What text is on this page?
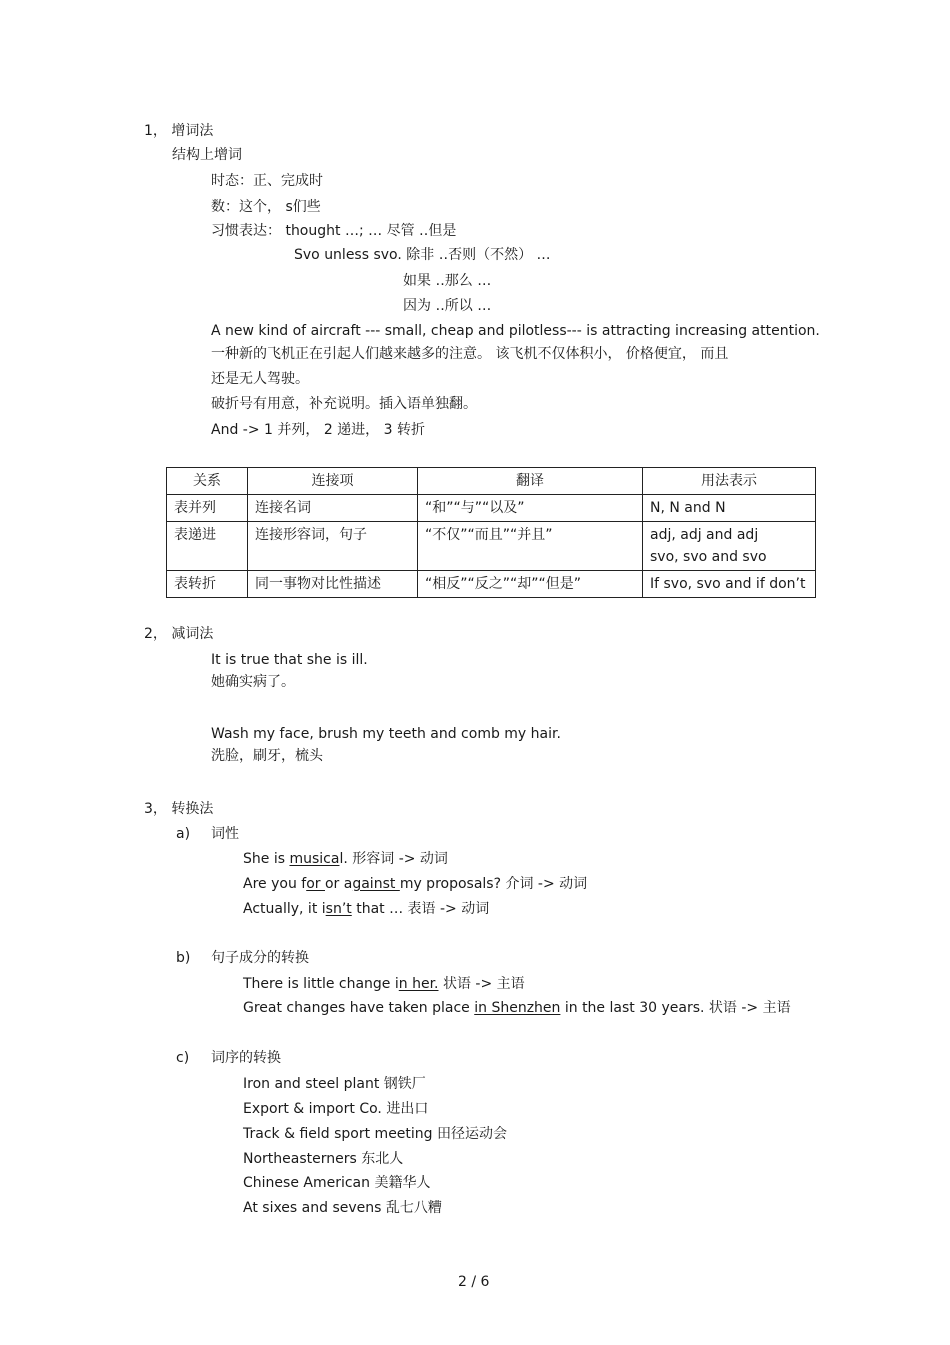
1， 增词法
结构上增词
时态：正、完成时
数：这个， s们些
习惯表达： thought …; … 尽管 ‥但是
Svo unless svo. 除非 ‥否则（不然） …
如果 ‥那么 …
因为 ‥所以 …
A new kind of aircraft --- small, cheap and pilotless--- is attracting increasing attention.
一种新的飞机正在引起人们越来越多的注意。 该飞机不仅体积小， 价格便宜， 而且
还是无人驾驶。
破折号有用意，补充说明。插入语单独翻。
And -> 1 并列， 2 递进， 3 转折
关系	连接项	翻译	用法表示
表并列	连接名词	“和”“与”“以及”	N, N and N
表递进	连接形容词，句子	“不仅”“而且”“并且”	adj, adj and adj
svo, svo and svo

表转折	同一事物对比性描述	“相反”“反之”“却”“但是”	If svo, svo and if don’t
2， 减词法
It is true that she is ill.
她确实病了。
Wash my face, brush my teeth and comb my hair.
洗脸，刷牙，梳头
3， 转换法
a) 词性
She is musical. 形容词 -> 动词
Are you for or against my proposals? 介词 -> 动词
Actually, it isn’t that … 表语 -> 动词
b) 句子成分的转换
There is little change in her. 状语 -> 主语
Great changes have taken place in Shenzhen in the last 30 years. 状语 -> 主语
c) 词序的转换
Iron and steel plant 钢铁厂
Export & import Co. 进出口
Track & field sport meeting 田径运动会
Northeasterners 东北人
Chinese American 美籍华人
At sixes and sevens 乱七八糟
2 / 6
